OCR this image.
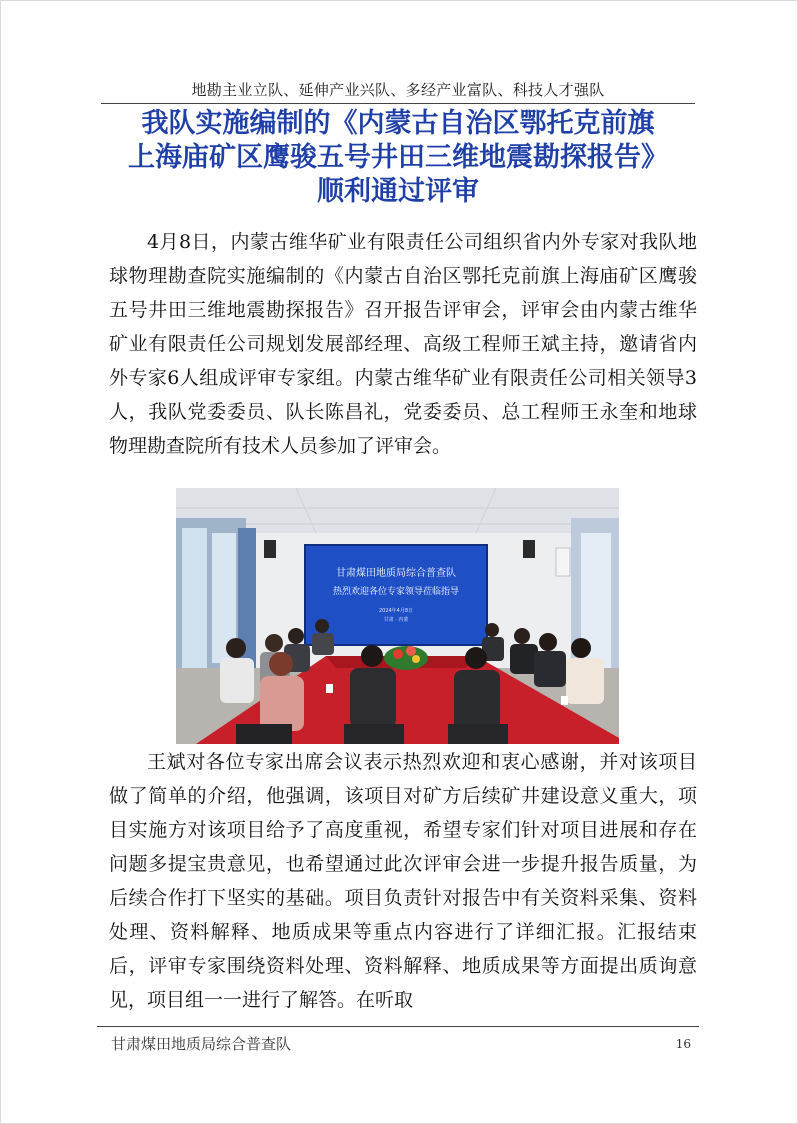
地勘主业立队、延伸产业兴队、多经产业富队、科技人才强队
我队实施编制的《内蒙古自治区鄂托克前旗
上海庙矿区鹰骏五号井田三维地震勘探报告》
顺利通过评审

4月8日，内蒙古维华矿业有限责任公司组织省内外专家对我队地球物理勘查院实施编制的《内蒙古自治区鄂托克前旗上海庙矿区鹰骏五号井田三维地震勘探报告》召开报告评审会，评审会由内蒙古维华矿业有限责任公司规划发展部经理、高级工程师王斌主持，邀请省内外专家6人组成评审专家组。内蒙古维华矿业有限责任公司相关领导3人，我队党委委员、队长陈昌礼，党委委员、总工程师王永奎和地球物理勘查院所有技术人员参加了评审会。

甘肃煤田地质局综合普查队
热烈欢迎各位专家领导莅临指导
2024年4月8日
甘肃 · 内蒙

王斌对各位专家出席会议表示热烈欢迎和衷心感谢，并对该项目做了简单的介绍，他强调，该项目对矿方后续矿井建设意义重大，项目实施方对该项目给予了高度重视，希望专家们针对项目进展和存在问题多提宝贵意见，也希望通过此次评审会进一步提升报告质量，为后续合作打下坚实的基础。项目负责针对报告中有关资料采集、资料处理、资料解释、地质成果等重点内容进行了详细汇报。汇报结束后，评审专家围绕资料处理、资料解释、地质成果等方面提出质询意见，项目组一一进行了解答。在听取

甘肃煤田地质局综合普查队	16
